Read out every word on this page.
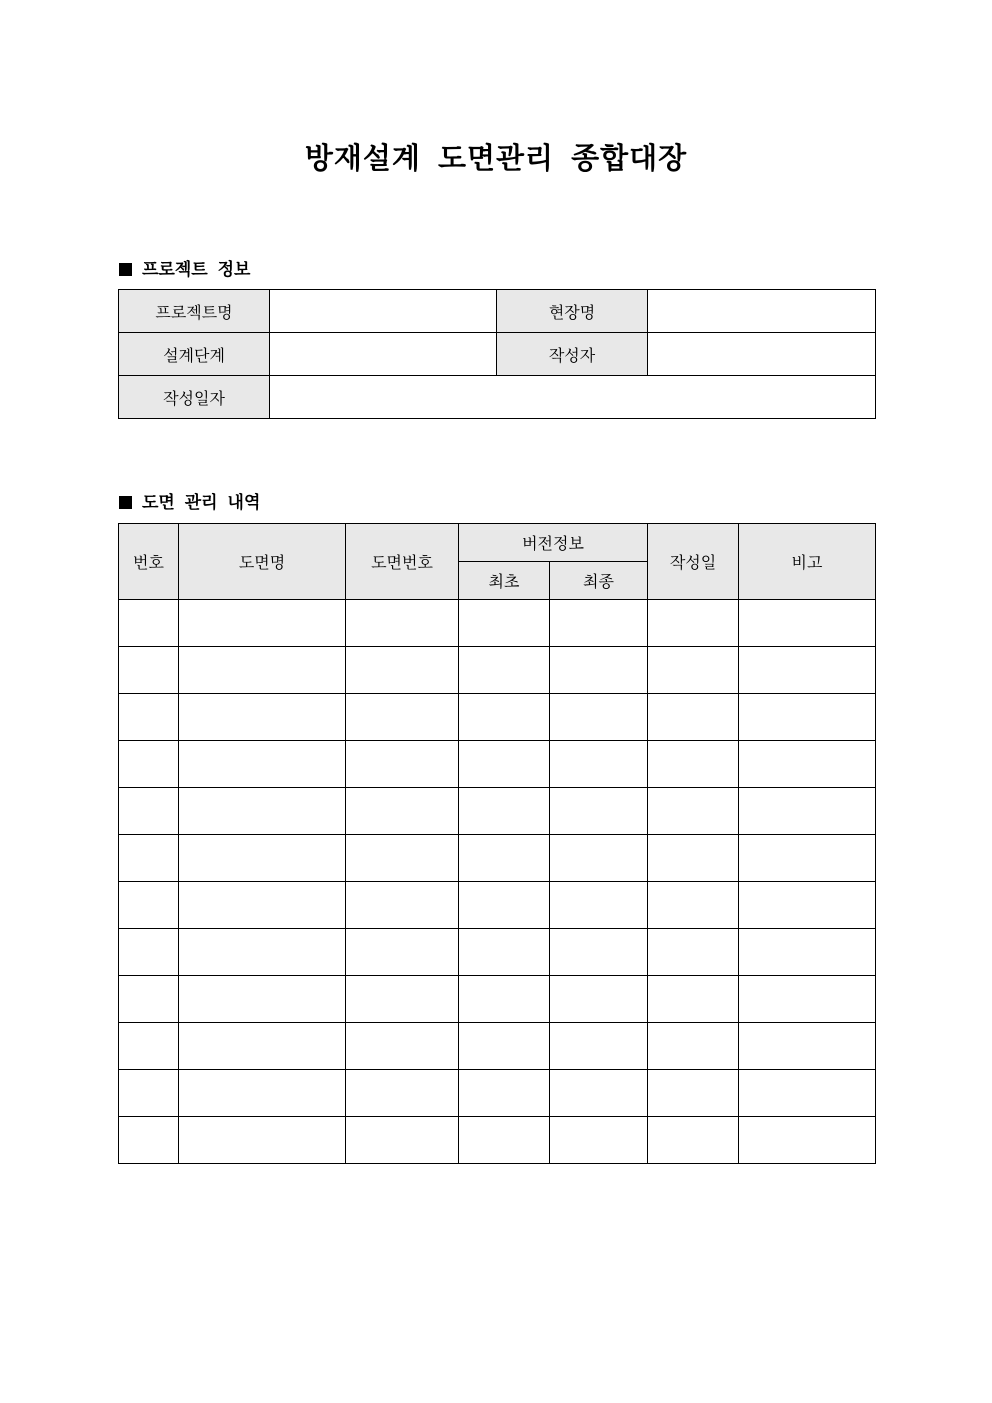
방재설계 도면관리 종합대장
프로젝트 정보
프로젝트명		현장명	
설계단계		작성자	
작성일자			
도면 관리 내역
번호	도면명	도면번호	버전정보		작성일	비고
			최초	최종		
